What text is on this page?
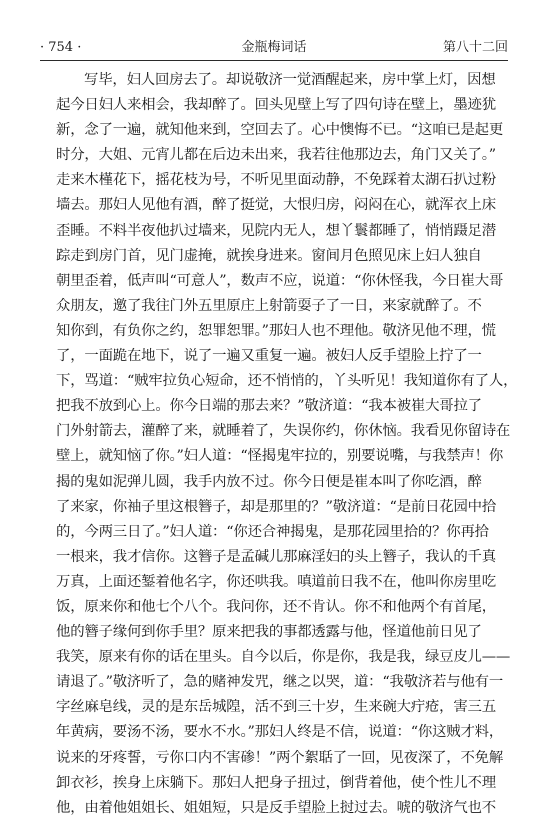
· 754 ·	金瓶梅词话	第八十二回
写毕，妇人回房去了。却说敬济一觉酒醒起来，房中掌上灯，因想
起今日妇人来相会，我却醉了。回头见壁上写了四句诗在壁上，墨迹犹
新，念了一遍，就知他来到，空回去了。心中懊悔不已。“这咱已是起更
时分，大姐、元宵儿都在后边未出来，我若往他那边去，角门又关了。”
走来木槿花下，摇花枝为号，不听见里面动静，不免踩着太湖石扒过粉
墙去。那妇人见他有酒，醉了挺觉，大恨归房，闷闷在心，就浑衣上床
歪睡。不料半夜他扒过墙来，见院内无人，想丫鬟都睡了，悄悄蹑足潜
踪走到房门首，见门虚掩，就挨身进来。窗间月色照见床上妇人独自
朝里歪着，低声叫“可意人”，数声不应，说道：“你休怪我，今日崔大哥
众朋友，邀了我往门外五里原庄上射箭耍子了一日，来家就醉了。不
知你到，有负你之约，恕罪恕罪。”那妇人也不理他。敬济见他不理，慌
了，一面跪在地下，说了一遍又重复一遍。被妇人反手望脸上拧了一
下，骂道：“贼牢拉负心短命，还不悄悄的，丫头听见！我知道你有了人，
把我不放到心上。你今日端的那去来？”敬济道：“我本被崔大哥拉了
门外射箭去，灌醉了来，就睡着了，失误你约，你休恼。我看见你留诗在
壁上，就知恼了你。”妇人道：“怪揭鬼牢拉的，别要说嘴，与我禁声！你
揭的鬼如泥弹儿圆，我手内放不过。你今日便是崔本叫了你吃酒，醉
了来家，你袖子里这根簪子，却是那里的？”敬济道：“是前日花园中拾
的，今两三日了。”妇人道：“你还合神揭鬼，是那花园里拾的？你再拾
一根来，我才信你。这簪子是孟碱儿那麻淫妇的头上簪子，我认的千真
万真，上面还錾着他名字，你还哄我。嗔道前日我不在，他叫你房里吃
饭，原来你和他七个八个。我问你，还不肯认。你不和他两个有首尾，
他的簪子缘何到你手里？原来把我的事都透露与他，怪道他前日见了
我笑，原来有你的话在里头。自今以后，你是你，我是我，绿豆皮儿——
请退了。”敬济听了，急的赌神发咒，继之以哭，道：“我敬济若与他有一
字丝麻皂线，灵的是东岳城隍，活不到三十岁，生来碗大疔疮，害三五
年黄病，要汤不汤，要水不水。”那妇人终是不信，说道：“你这贼才料，
说来的牙疼誓，亏你口内不害碜！”两个絮聒了一回，见夜深了，不免解
卸衣衫，挨身上床躺下。那妇人把身子扭过，倒背着他，使个性儿不理
他，由着他姐姐长、姐姐短，只是反手望脸上挝过去。唬的敬济气也不
